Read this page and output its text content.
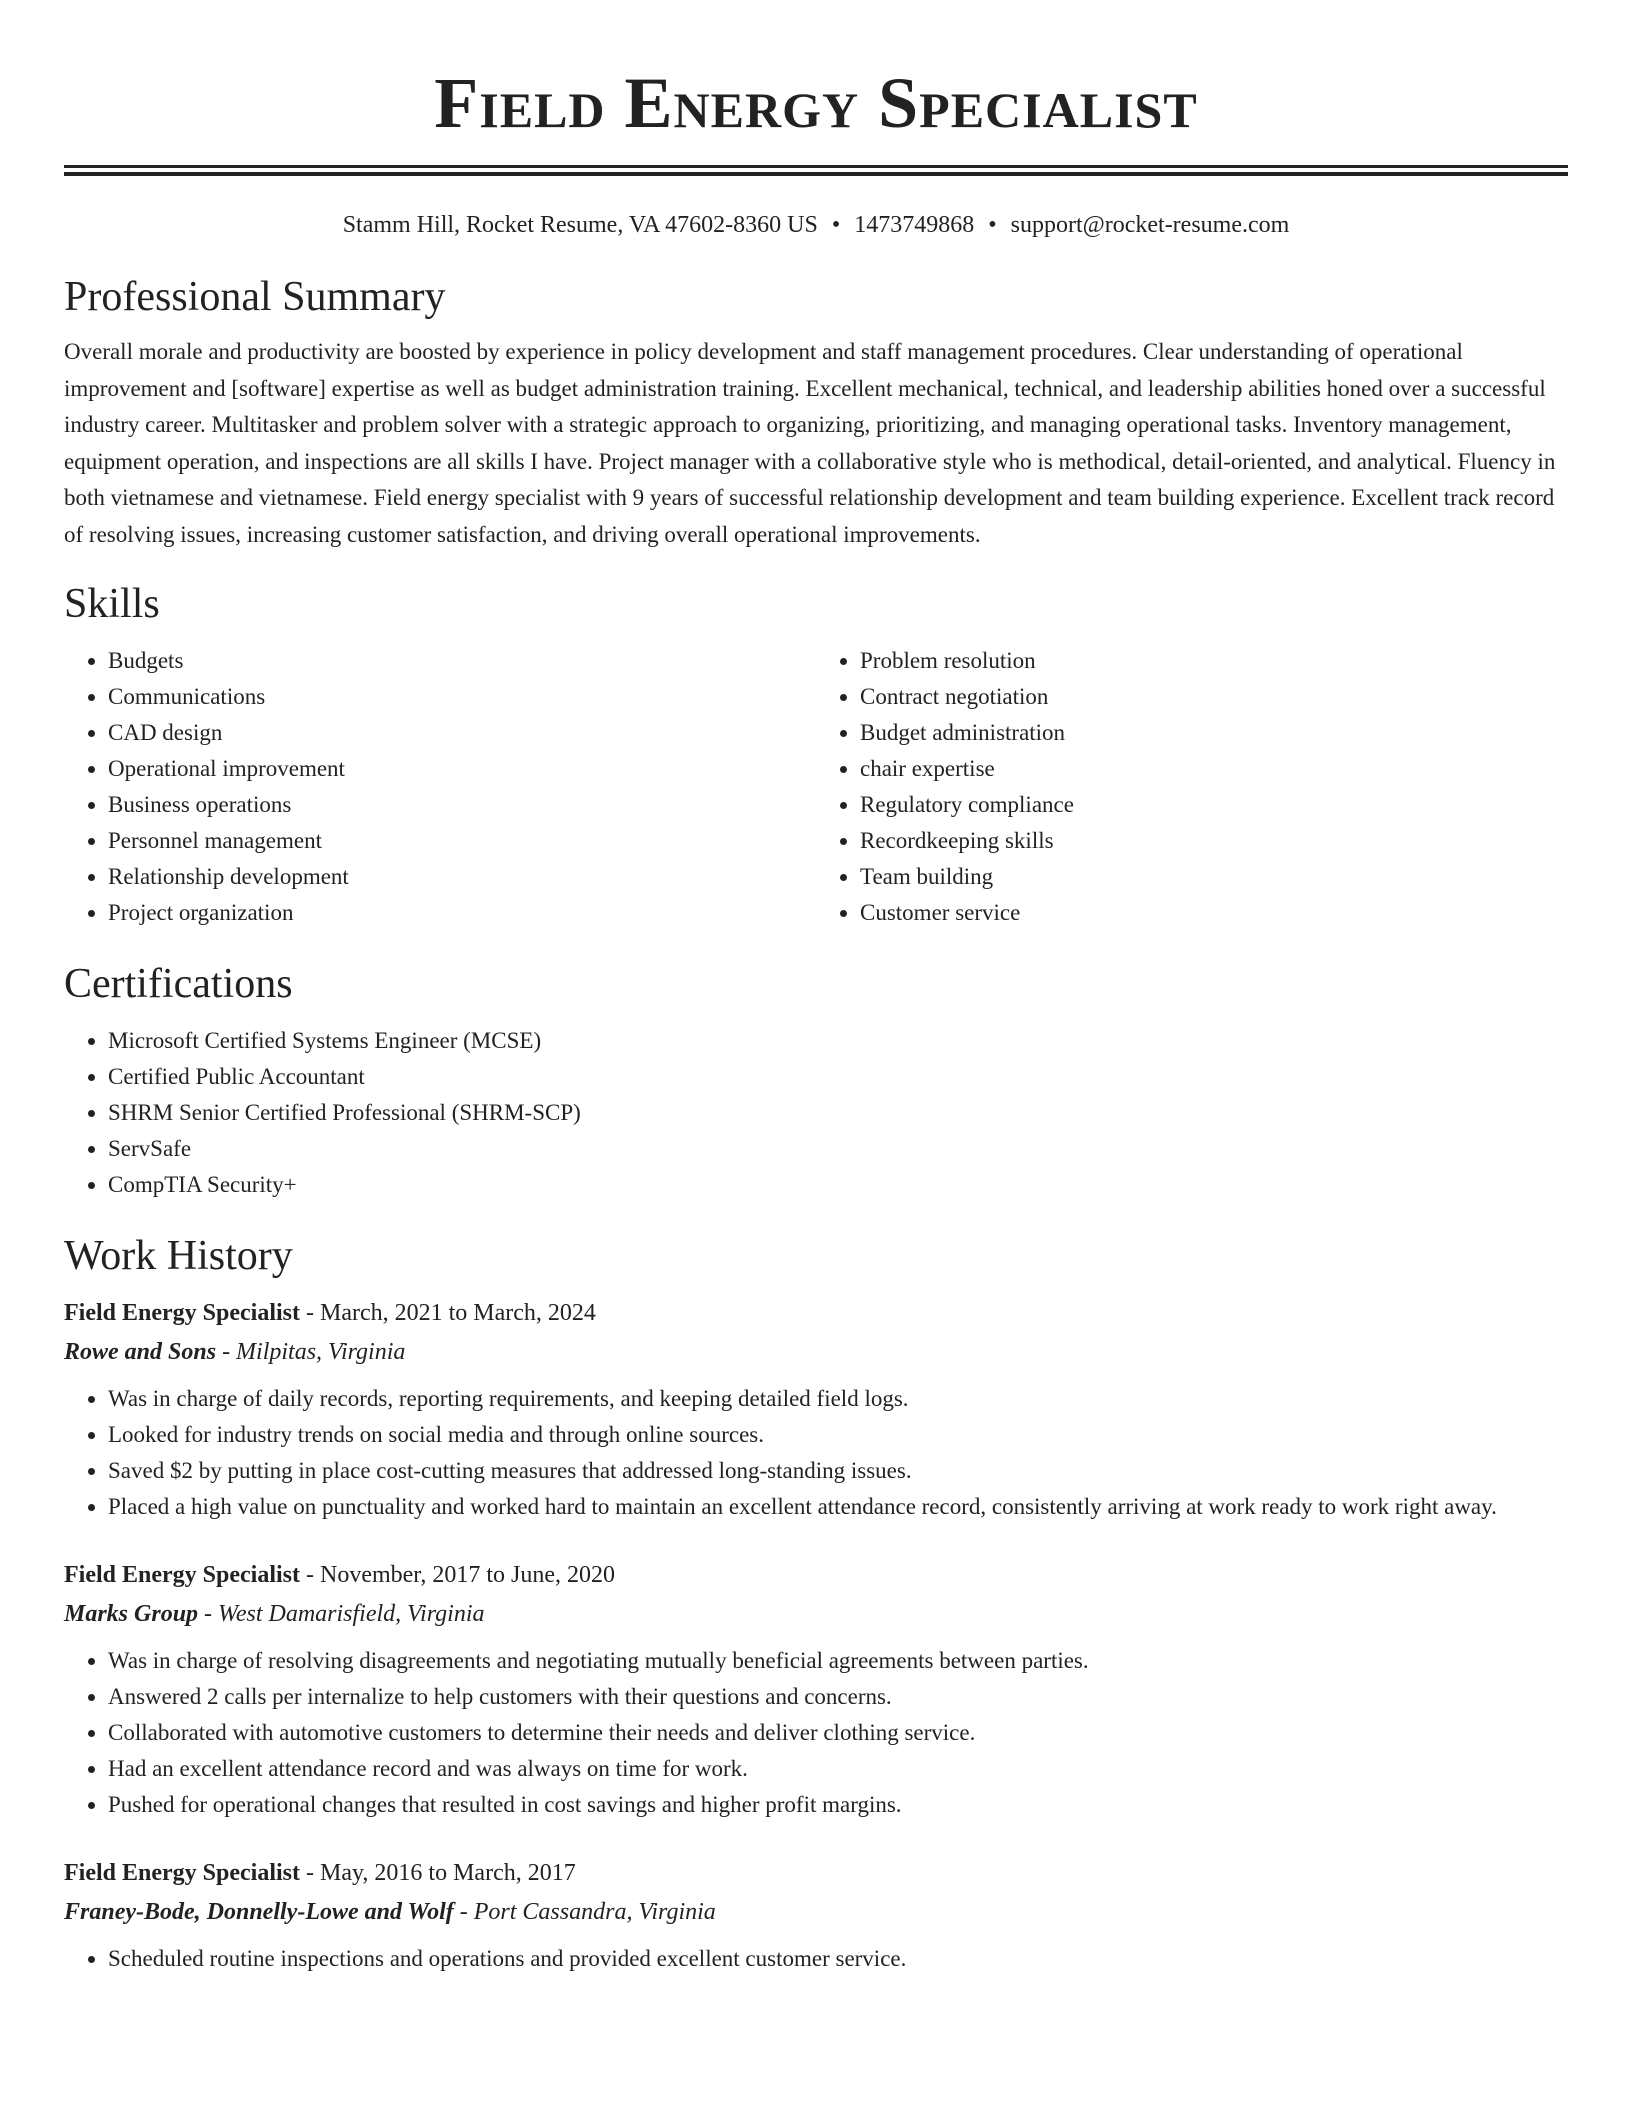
Field Energy Specialist
Stamm Hill, Rocket Resume, VA 47602-8360 US • 1473749868 • support@rocket-resume.com
Professional Summary

Overall morale and productivity are boosted by experience in policy development and staff management procedures. Clear understanding of operational improvement and [software] expertise as well as budget administration training. Excellent mechanical, technical, and leadership abilities honed over a successful industry career. Multitasker and problem solver with a strategic approach to organizing, prioritizing, and managing operational tasks. Inventory management, equipment operation, and inspections are all skills I have. Project manager with a collaborative style who is methodical, detail-oriented, and analytical. Fluency in both vietnamese and vietnamese. Field energy specialist with 9 years of successful relationship development and team building experience. Excellent track record of resolving issues, increasing customer satisfaction, and driving overall operational improvements.

Skills
• Budgets
• Communications
• CAD design
• Operational improvement
• Business operations
• Personnel management
• Relationship development
• Project organization
• Problem resolution
• Contract negotiation
• Budget administration
• chair expertise
• Regulatory compliance
• Recordkeeping skills
• Team building
• Customer service
Certifications
• Microsoft Certified Systems Engineer (MCSE)
• Certified Public Accountant
• SHRM Senior Certified Professional (SHRM-SCP)
• ServSafe
• CompTIA Security+
Work History
Field Energy Specialist - March, 2021 to March, 2024
Rowe and Sons - Milpitas, Virginia
• Was in charge of daily records, reporting requirements, and keeping detailed field logs.
• Looked for industry trends on social media and through online sources.
• Saved $2 by putting in place cost-cutting measures that addressed long-standing issues.
• Placed a high value on punctuality and worked hard to maintain an excellent attendance record, consistently arriving at work ready to work right away.
Field Energy Specialist - November, 2017 to June, 2020
Marks Group - West Damarisfield, Virginia
• Was in charge of resolving disagreements and negotiating mutually beneficial agreements between parties.
• Answered 2 calls per internalize to help customers with their questions and concerns.
• Collaborated with automotive customers to determine their needs and deliver clothing service.
• Had an excellent attendance record and was always on time for work.
• Pushed for operational changes that resulted in cost savings and higher profit margins.
Field Energy Specialist - May, 2016 to March, 2017
Franey-Bode, Donnelly-Lowe and Wolf - Port Cassandra, Virginia
• Scheduled routine inspections and operations and provided excellent customer service.
